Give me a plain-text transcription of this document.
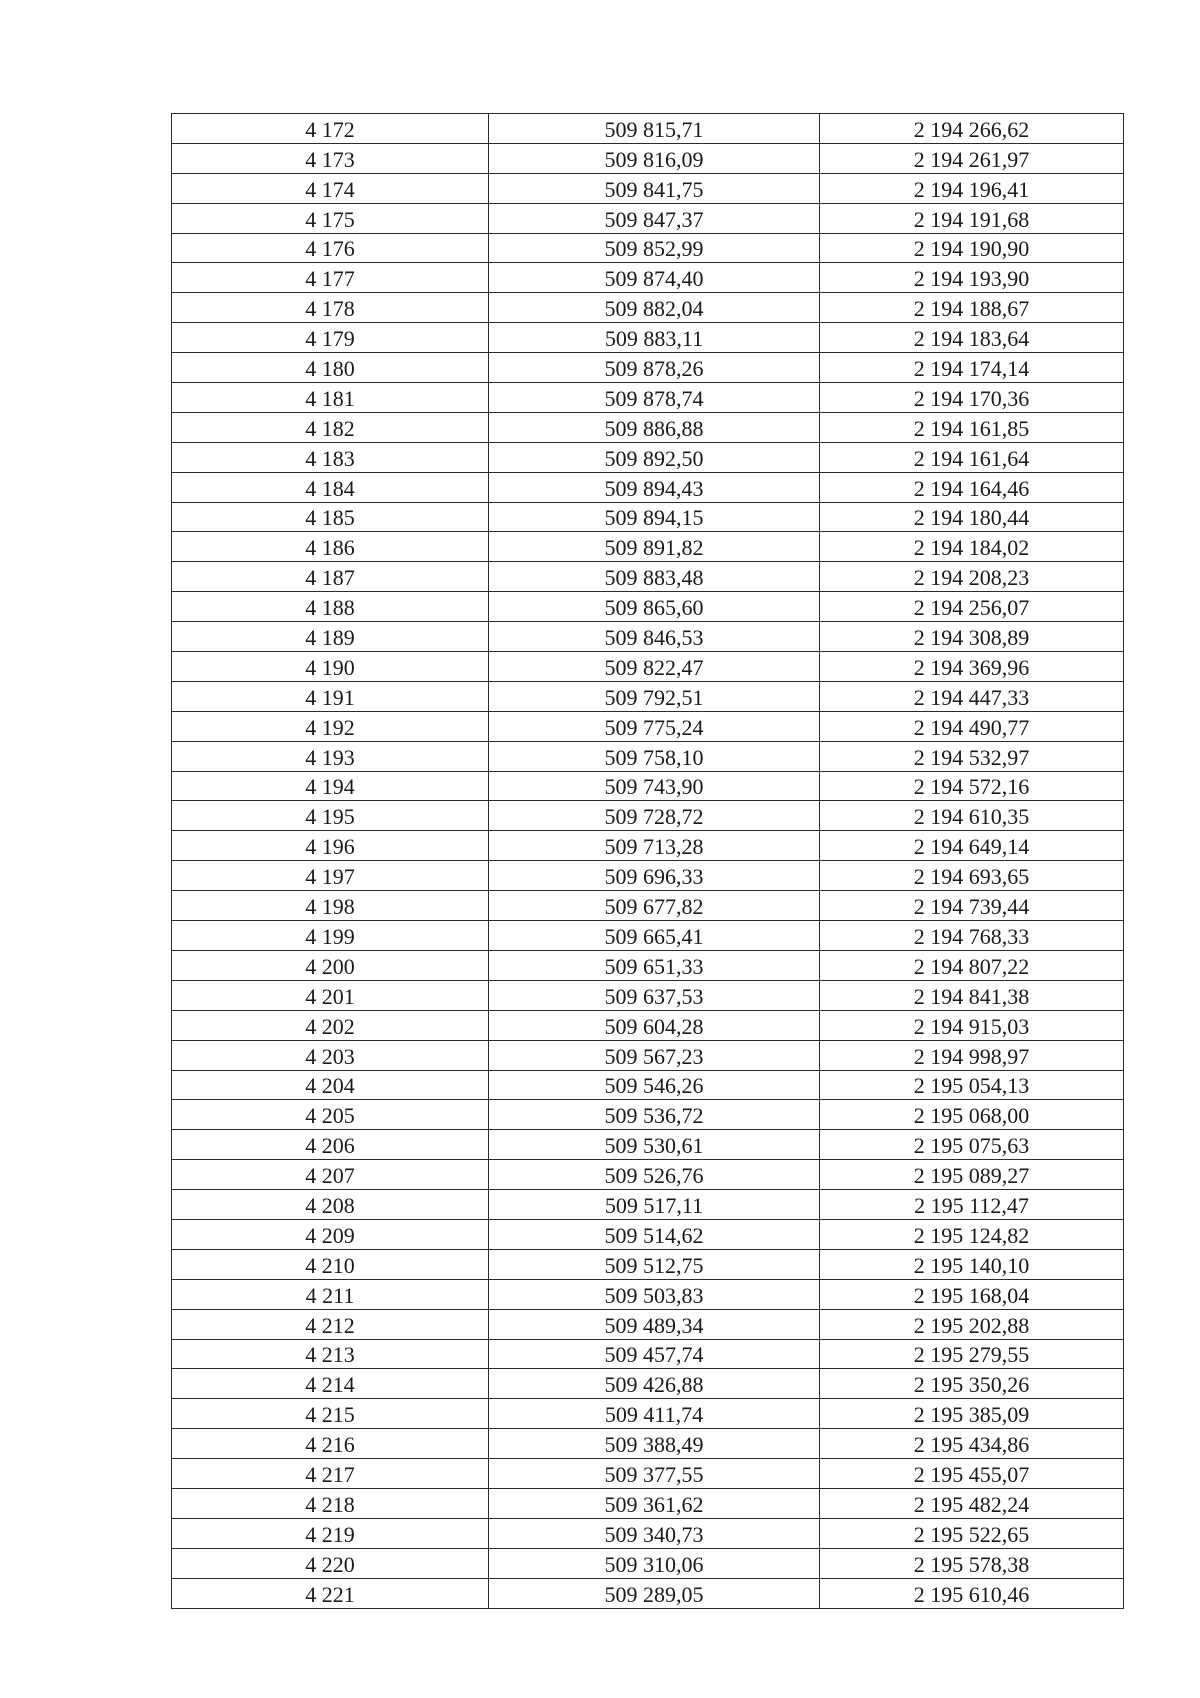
4 172	509 815,71	2 194 266,62
4 173	509 816,09	2 194 261,97
4 174	509 841,75	2 194 196,41
4 175	509 847,37	2 194 191,68
4 176	509 852,99	2 194 190,90
4 177	509 874,40	2 194 193,90
4 178	509 882,04	2 194 188,67
4 179	509 883,11	2 194 183,64
4 180	509 878,26	2 194 174,14
4 181	509 878,74	2 194 170,36
4 182	509 886,88	2 194 161,85
4 183	509 892,50	2 194 161,64
4 184	509 894,43	2 194 164,46
4 185	509 894,15	2 194 180,44
4 186	509 891,82	2 194 184,02
4 187	509 883,48	2 194 208,23
4 188	509 865,60	2 194 256,07
4 189	509 846,53	2 194 308,89
4 190	509 822,47	2 194 369,96
4 191	509 792,51	2 194 447,33
4 192	509 775,24	2 194 490,77
4 193	509 758,10	2 194 532,97
4 194	509 743,90	2 194 572,16
4 195	509 728,72	2 194 610,35
4 196	509 713,28	2 194 649,14
4 197	509 696,33	2 194 693,65
4 198	509 677,82	2 194 739,44
4 199	509 665,41	2 194 768,33
4 200	509 651,33	2 194 807,22
4 201	509 637,53	2 194 841,38
4 202	509 604,28	2 194 915,03
4 203	509 567,23	2 194 998,97
4 204	509 546,26	2 195 054,13
4 205	509 536,72	2 195 068,00
4 206	509 530,61	2 195 075,63
4 207	509 526,76	2 195 089,27
4 208	509 517,11	2 195 112,47
4 209	509 514,62	2 195 124,82
4 210	509 512,75	2 195 140,10
4 211	509 503,83	2 195 168,04
4 212	509 489,34	2 195 202,88
4 213	509 457,74	2 195 279,55
4 214	509 426,88	2 195 350,26
4 215	509 411,74	2 195 385,09
4 216	509 388,49	2 195 434,86
4 217	509 377,55	2 195 455,07
4 218	509 361,62	2 195 482,24
4 219	509 340,73	2 195 522,65
4 220	509 310,06	2 195 578,38
4 221	509 289,05	2 195 610,46
